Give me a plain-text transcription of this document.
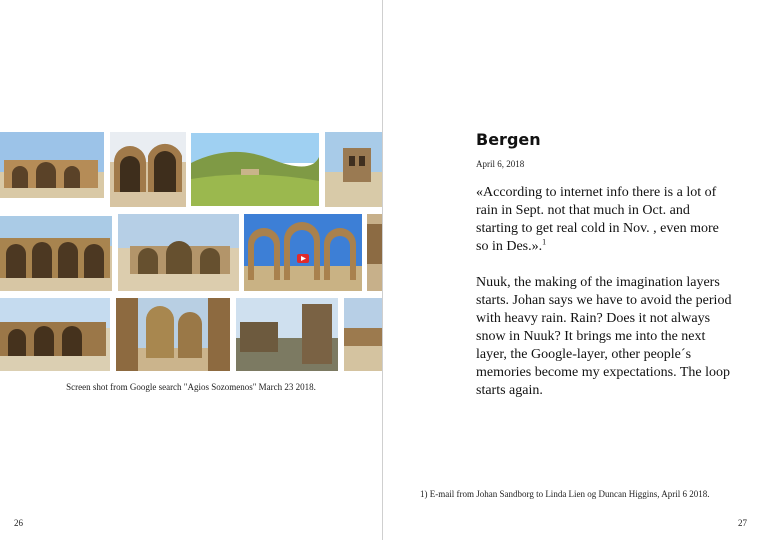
Screen shot from Google search "Agios Sozomenos" March 23 2018.
26
Bergen
April 6, 2018

«According to internet info there is a lot of rain in Sept. not that much in Oct. and starting to get real cold in Nov. , even more so in Des.».$^1$

Nuuk, the making of the imagination layers starts. Johan says we have to avoid the period with heavy rain. Rain? Does it not always snow in Nuuk? It brings me into the next layer, the Google-layer, other people´s memories become my expectations. The loop starts again.

1) E-mail from Johan Sandborg to Linda Lien og Duncan Higgins, April 6 2018.
27
